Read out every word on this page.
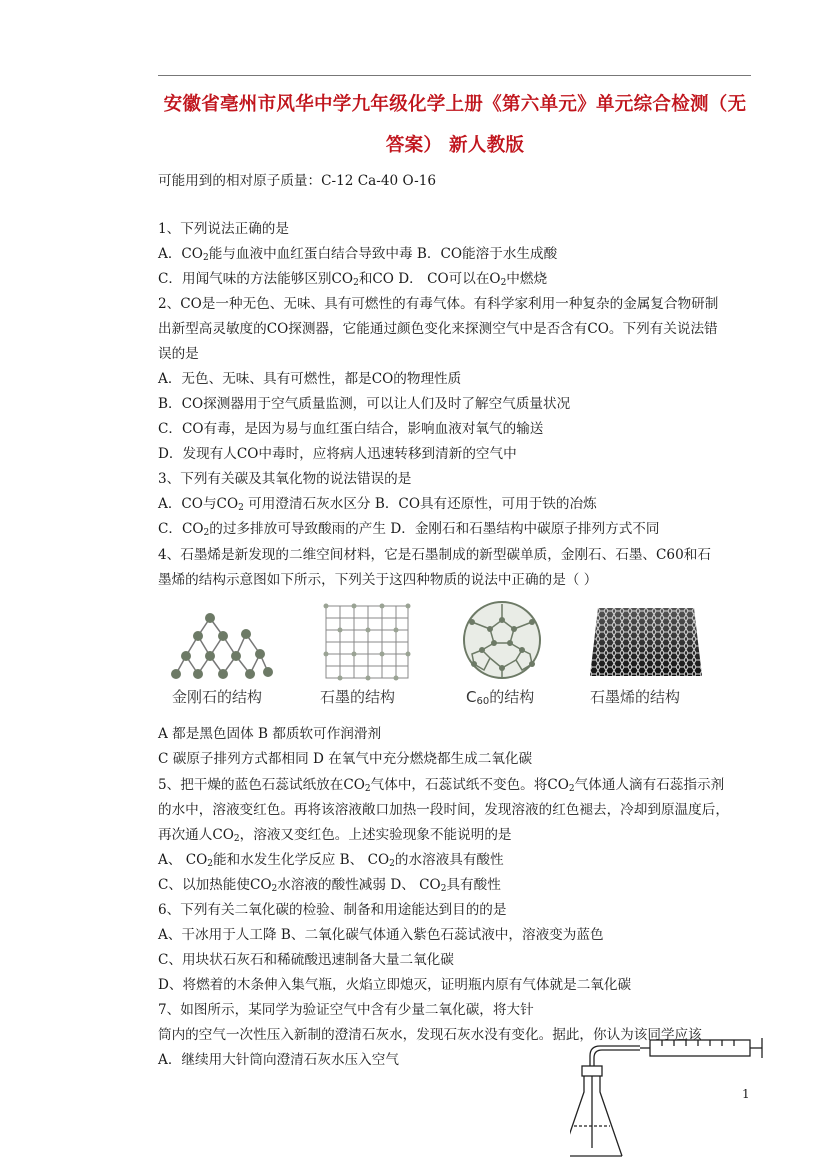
安徽省亳州市风华中学九年级化学上册《第六单元》单元综合检测（无
答案） 新人教版
可能用到的相对原子质量：C-12 Ca-40 O-16
1、下列说法正确的是
A．$CO_2$能与血液中血红蛋白结合导致中毒 B．CO能溶于水生成酸
C．用闻气味的方法能够区别$CO_2$和CO D． CO可以在$O_2$中燃烧
2、CO是一种无色、无味、具有可燃性的有毒气体。有科学家利用一种复杂的金属复合物研制
出新型高灵敏度的CO探测器，它能通过颜色变化来探测空气中是否含有CO。下列有关说法错
误的是
A．无色、无味、具有可燃性，都是CO的物理性质
B．CO探测器用于空气质量监测，可以让人们及时了解空气质量状况
C．CO有毒，是因为易与血红蛋白结合，影响血液对氧气的输送
D．发现有人CO中毒时，应将病人迅速转移到清新的空气中
3、下列有关碳及其氧化物的说法错误的是
A．CO与$CO_2$ 可用澄清石灰水区分 B．CO具有还原性，可用于铁的冶炼
C．$CO_2$的过多排放可导致酸雨的产生 D．金刚石和石墨结构中碳原子排列方式不同
4、石墨烯是新发现的二维空间材料，它是石墨制成的新型碳单质，金刚石、石墨、C60和石
墨烯的结构示意图如下所示，下列关于这四种物质的说法中正确的是（ ）
金刚石的结构	石墨的结构	$C_{60}$的结构	石墨烯的结构
A 都是黑色固体 B 都质软可作润滑剂
C 碳原子排列方式都相同 D 在氧气中充分燃烧都生成二氧化碳
5、把干燥的蓝色石蕊试纸放在$CO_2$气体中，石蕊试纸不变色。将$CO_2$气体通人滴有石蕊指示剂
的水中，溶液变红色。再将该溶液敞口加热一段时间，发现溶液的红色褪去，冷却到原温度后，
再次通人$CO_2$，溶液又变红色。上述实验现象不能说明的是
A、 $CO_2$能和水发生化学反应 B、 $CO_2$的水溶液具有酸性
C、以加热能使$CO_2$水溶液的酸性减弱 D、 $CO_2$具有酸性
6、下列有关二氧化碳的检验、制备和用途能达到目的的是
A、干冰用于人工降 B、二氧化碳气体通入紫色石蕊试液中，溶液变为蓝色
C、用块状石灰石和稀硫酸迅速制备大量二氧化碳
D、将燃着的木条伸入集气瓶，火焰立即熄灭，证明瓶内原有气体就是二氧化碳
7、如图所示，某同学为验证空气中含有少量二氧化碳，将大针
筒内的空气一次性压入新制的澄清石灰水，发现石灰水没有变化。据此，你认为该同学应该
A．继续用大针筒向澄清石灰水压入空气
1
